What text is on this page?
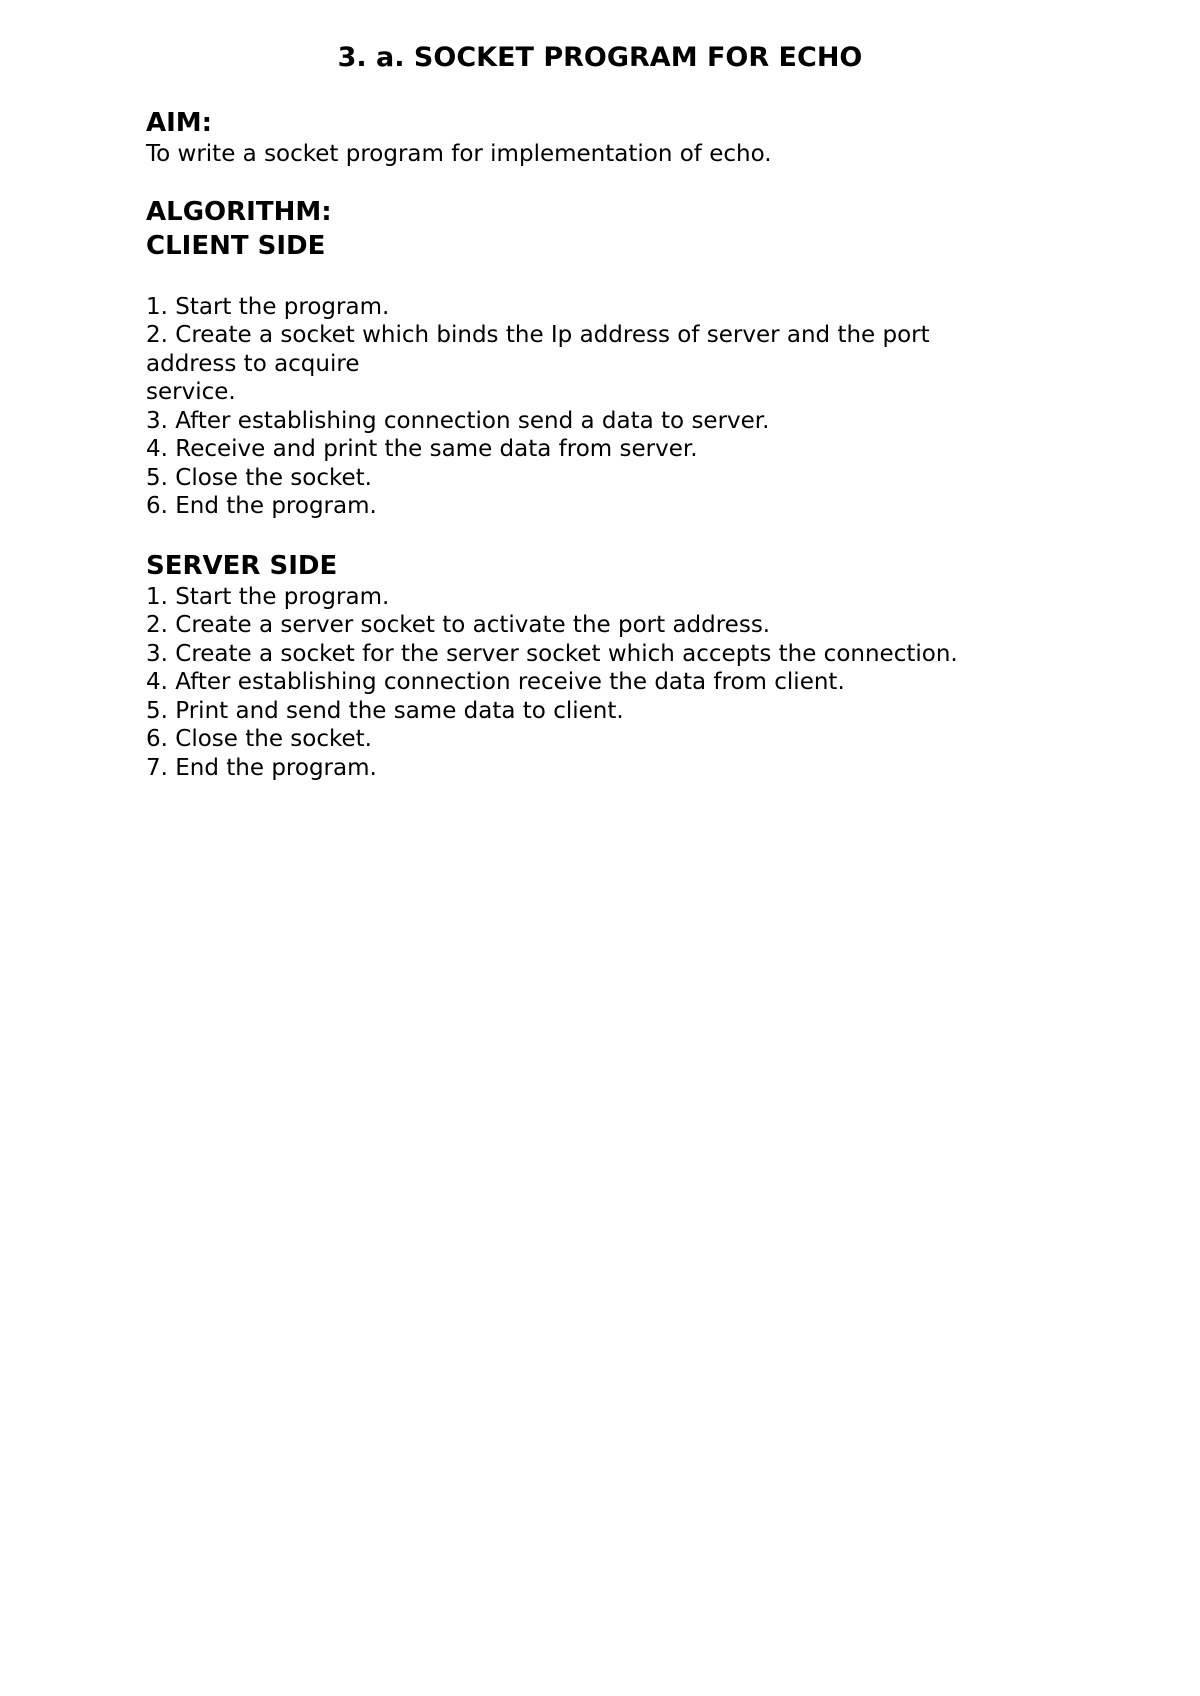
3. a. SOCKET PROGRAM FOR ECHO
AIM:

To write a socket program for implementation of echo.

ALGORITHM:
CLIENT SIDE
1. Start the program.
2. Create a socket which binds the Ip address of server and the port
address to acquire
service.
3. After establishing connection send a data to server.
4. Receive and print the same data from server.
5. Close the socket.
6. End the program.
SERVER SIDE
1. Start the program.
2. Create a server socket to activate the port address.
3. Create a socket for the server socket which accepts the connection.
4. After establishing connection receive the data from client.
5. Print and send the same data to client.
6. Close the socket.
7. End the program.
